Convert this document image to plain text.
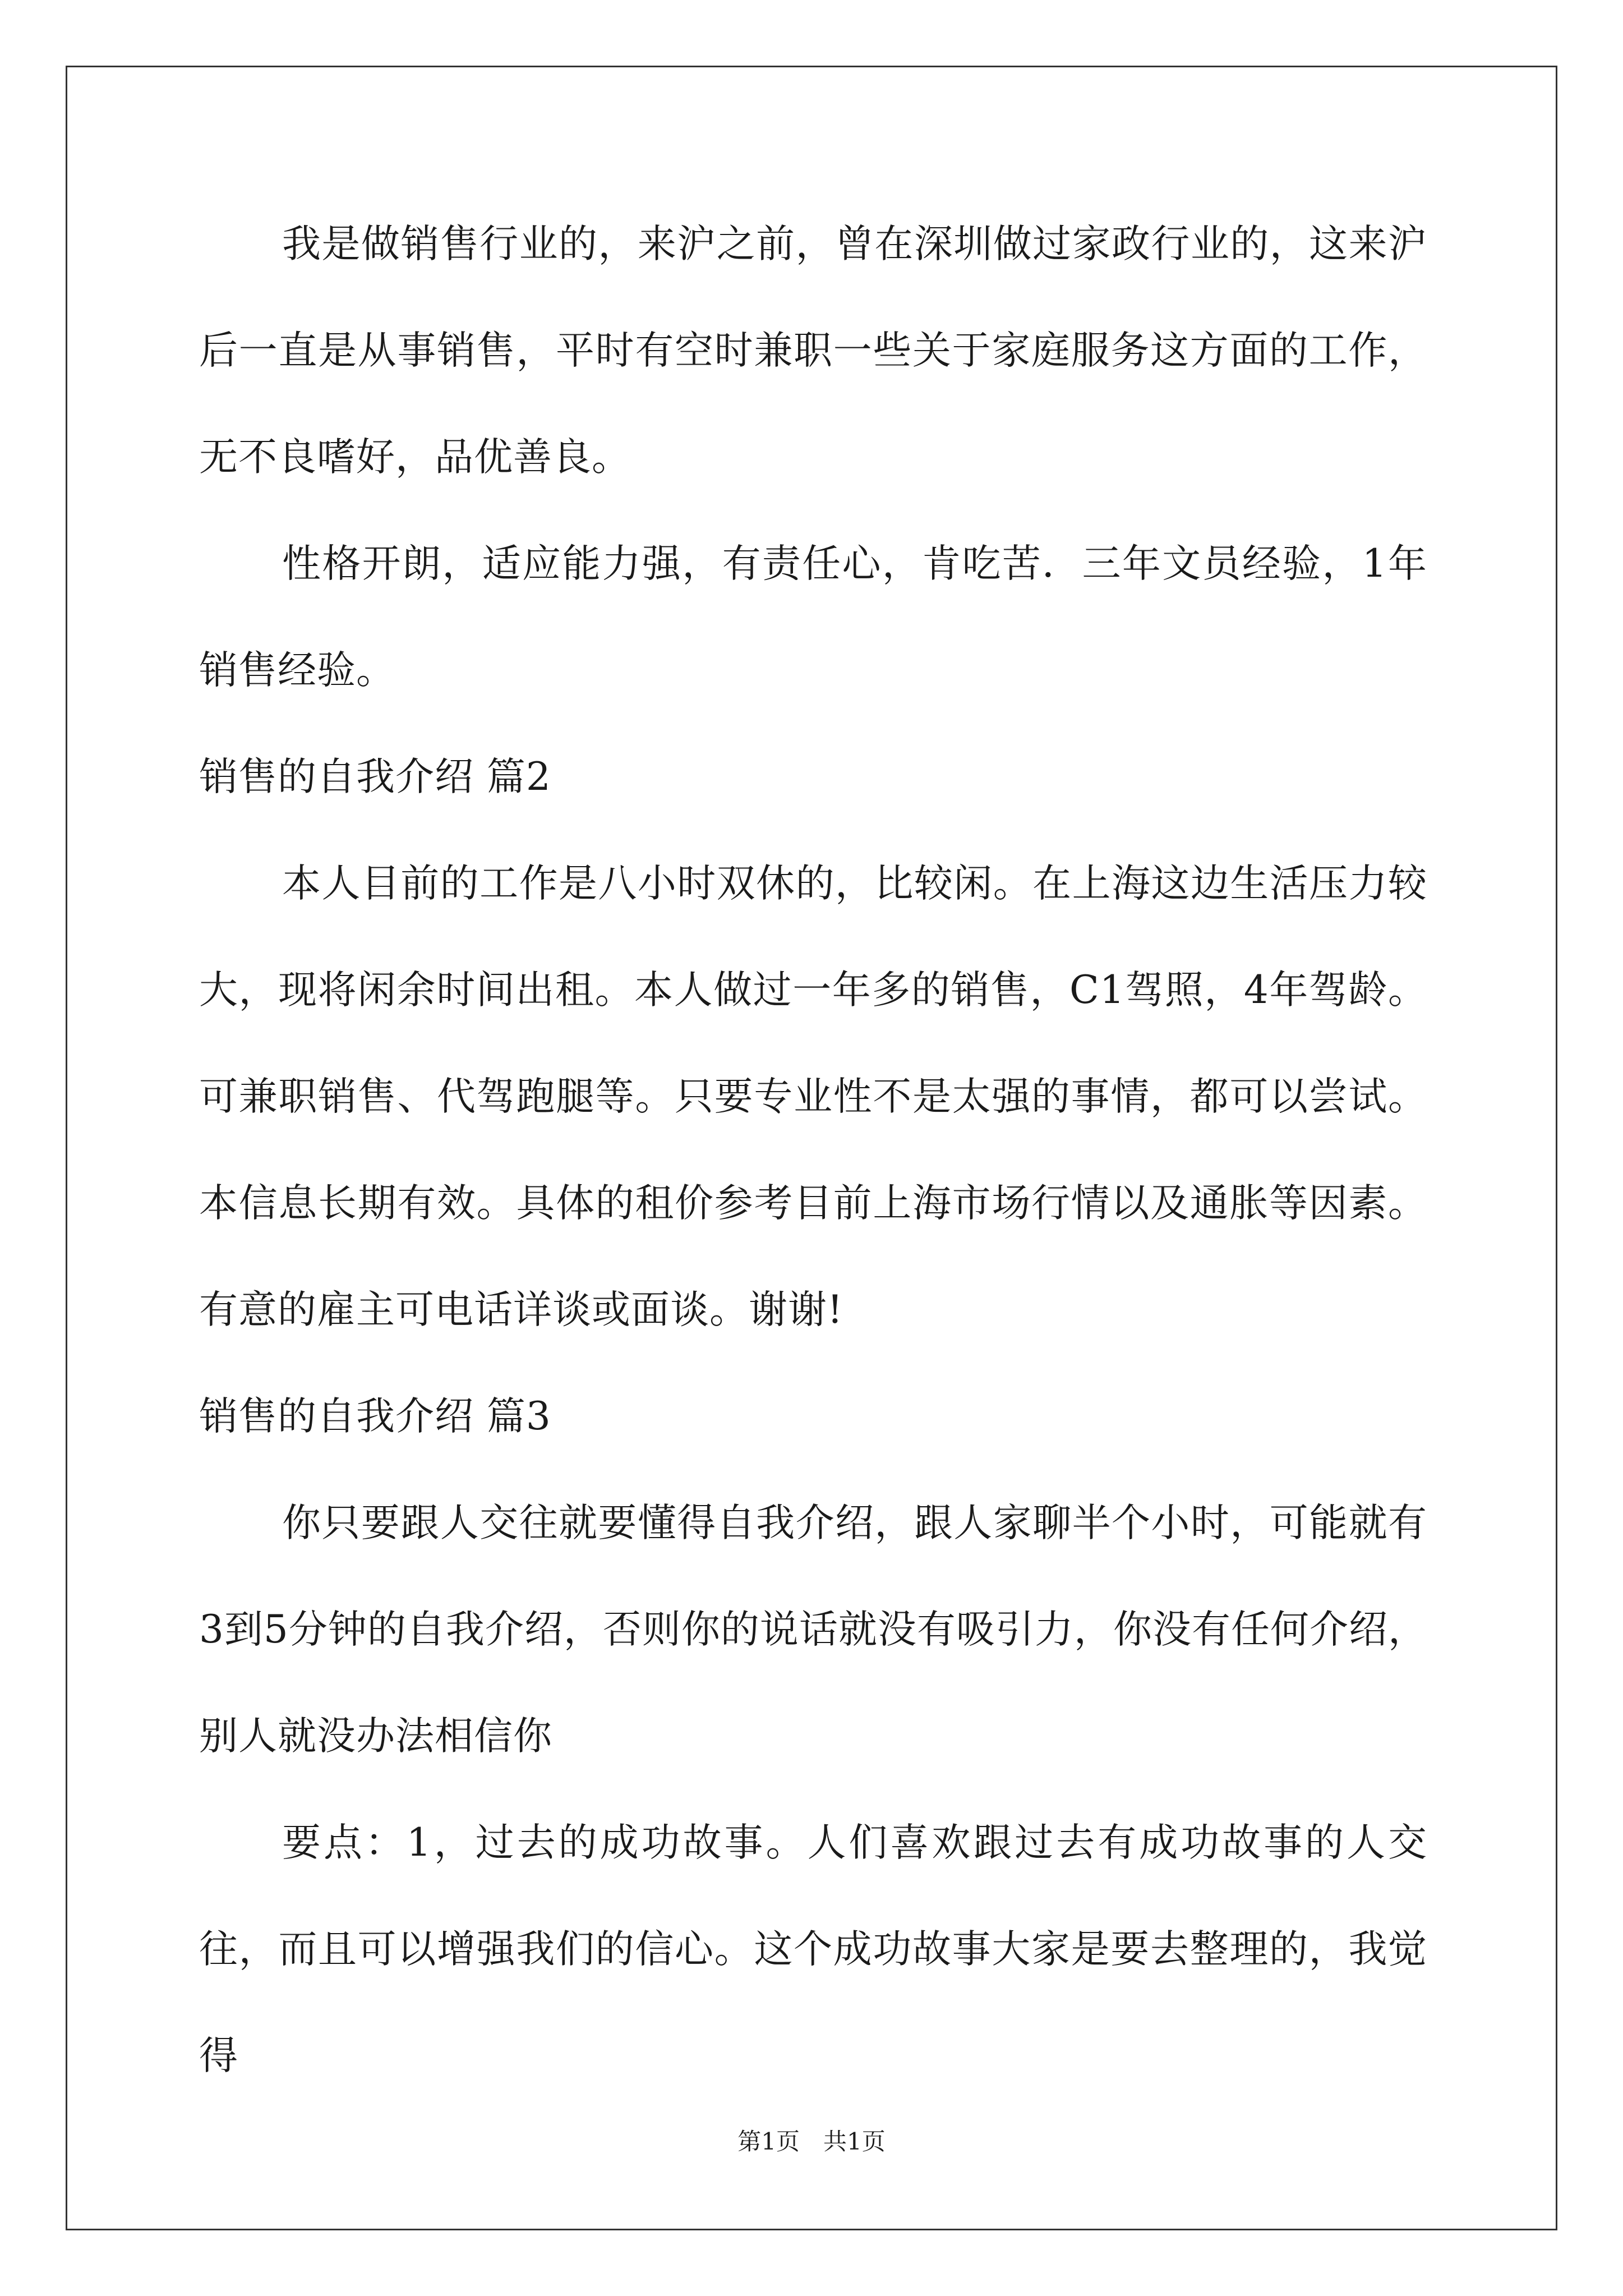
我是做销售行业的，来沪之前，曾在深圳做过家政行业的，这来沪后一直是从事销售，平时有空时兼职一些关于家庭服务这方面的工作，无不良嗜好，品优善良。

性格开朗，适应能力强，有责任心，肯吃苦．三年文员经验，1年销售经验。

销售的自我介绍 篇2

本人目前的工作是八小时双休的，比较闲。在上海这边生活压力较大，现将闲余时间出租。本人做过一年多的销售，C1驾照，4年驾龄。可兼职销售、代驾跑腿等。只要专业性不是太强的事情，都可以尝试。本信息长期有效。具体的租价参考目前上海市场行情以及通胀等因素。有意的雇主可电话详谈或面谈。谢谢!

销售的自我介绍 篇3

你只要跟人交往就要懂得自我介绍，跟人家聊半个小时，可能就有3到5分钟的自我介绍，否则你的说话就没有吸引力，你没有任何介绍，别人就没办法相信你

要点：1，过去的成功故事。人们喜欢跟过去有成功故事的人交往，而且可以增强我们的信心。这个成功故事大家是要去整理的，我觉得

第1页　共1页
